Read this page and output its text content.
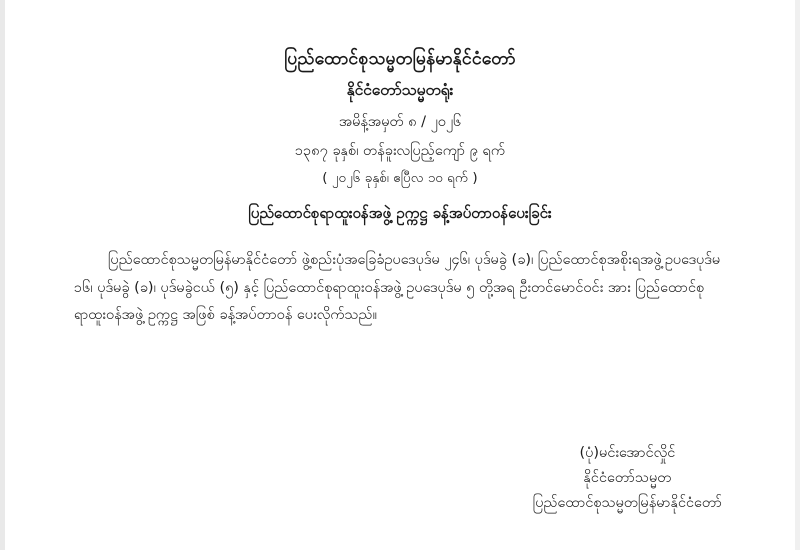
ပြည်ထောင်စုသမ္မတမြန်မာနိုင်ငံတော်
နိုင်ငံတော်သမ္မတရုံး
အမိန့်အမှတ် ၈ / ၂၀၂၆
၁၃၈၇ ခုနှစ်၊ တန်ခူးလပြည့်ကျော် ၉ ရက်
( ၂၀၂၆ ခုနှစ်၊ ဧပြီလ ၁၀ ရက် )
ပြည်ထောင်စုရာထူးဝန်အဖွဲ့ ဥက္ကဋ္ဌ ခန့်အပ်တာဝန်ပေးခြင်း

ပြည်ထောင်စုသမ္မတမြန်မာနိုင်ငံတော် ဖွဲ့စည်းပုံအခြေခံဥပဒေပုဒ်မ ၂၄၆၊ ပုဒ်မခွဲ (ခ)၊ ပြည်ထောင်စုအစိုးရအဖွဲ့ဥပဒေပုဒ်မ ၁၆၊ ပုဒ်မခွဲ (ခ)၊ ပုဒ်မခွဲငယ် (၅) နှင့် ပြည်ထောင်စုရာထူးဝန်အဖွဲ့ ဥပဒေပုဒ်မ ၅ တို့အရ ဦးတင်မောင်ဝင်း အား ပြည်ထောင်စုရာထူးဝန်အဖွဲ့ ဥက္ကဋ္ဌ အဖြစ် ခန့်အပ်တာဝန် ပေးလိုက်သည်။

(ပုံ)မင်းအောင်လှိုင်
နိုင်ငံတော်သမ္မတ
ပြည်ထောင်စုသမ္မတမြန်မာနိုင်ငံတော်
